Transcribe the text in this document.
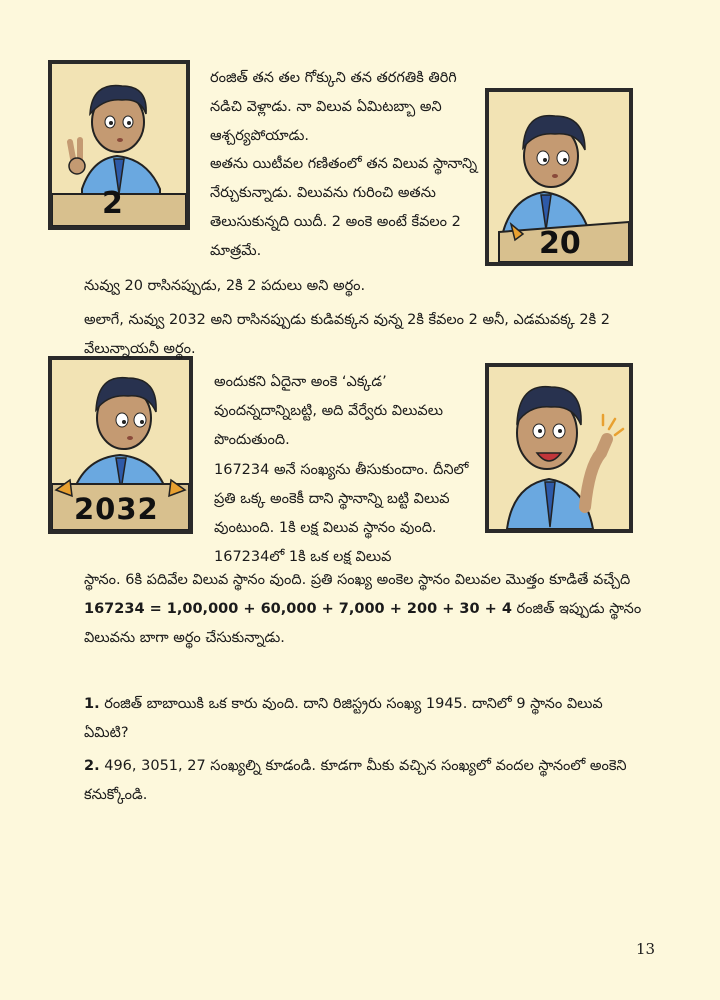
2
20
2032

రంజిత్ తన తల గోక్కుని తన తరగతికి తిరిగి నడిచి వెళ్లాడు. నా విలువ ఏమిటబ్బా అని ఆశ్చర్యపోయాడు.

అతను యిటీవల గణితంలో తన విలువ స్థానాన్ని నేర్చుకున్నాడు. విలువను గురించి అతను తెలుసుకున్నది యిదీ. 2 అంకె అంటే కేవలం 2 మాత్రమే.

నువ్వు 20 రాసినప్పుడు, 2కి 2 పదులు అని అర్థం.

అలాగే, నువ్వు 2032 అని రాసినప్పుడు కుడివక్కన వున్న 2కి కేవలం 2 అనీ, ఎడమవక్క 2కి 2 వేలున్నాయనీ అర్థం.

అందుకని ఏదైనా అంకె ‘ఎక్కడ’ వుందన్నదాన్నిబట్టి, అది వేర్వేరు విలువలు పొందుతుంది.

167234 అనే సంఖ్యను తీసుకుందాం. దీనిలో ప్రతి ఒక్క అంకెకీ దాని స్థానాన్ని బట్టి విలువ వుంటుంది. 1కి లక్ష విలువ స్థానం వుంది. 167234లో 1కి ఒక లక్ష విలువ

స్థానం. 6కి పదివేల విలువ స్థానం వుంది. ప్రతి సంఖ్య అంకెల స్థానం విలువల మొత్తం కూడితే వచ్చేది

167234 = 1,00,000 + 60,000 + 7,000 + 200 + 30 + 4 రంజిత్ ఇప్పుడు స్థానం విలువను బాగా అర్థం చేసుకున్నాడు.

1. రంజిత్ బాబాయికి ఒక కారు వుంది. దాని రిజిస్ట్రరు సంఖ్య 1945. దానిలో 9 స్థానం విలువ ఏమిటి?
2. 496, 3051, 27 సంఖ్యల్ని కూడండి. కూడగా మీకు వచ్చిన సంఖ్యలో వందల స్థానంలో అంకెని కనుక్కోండి.
13
